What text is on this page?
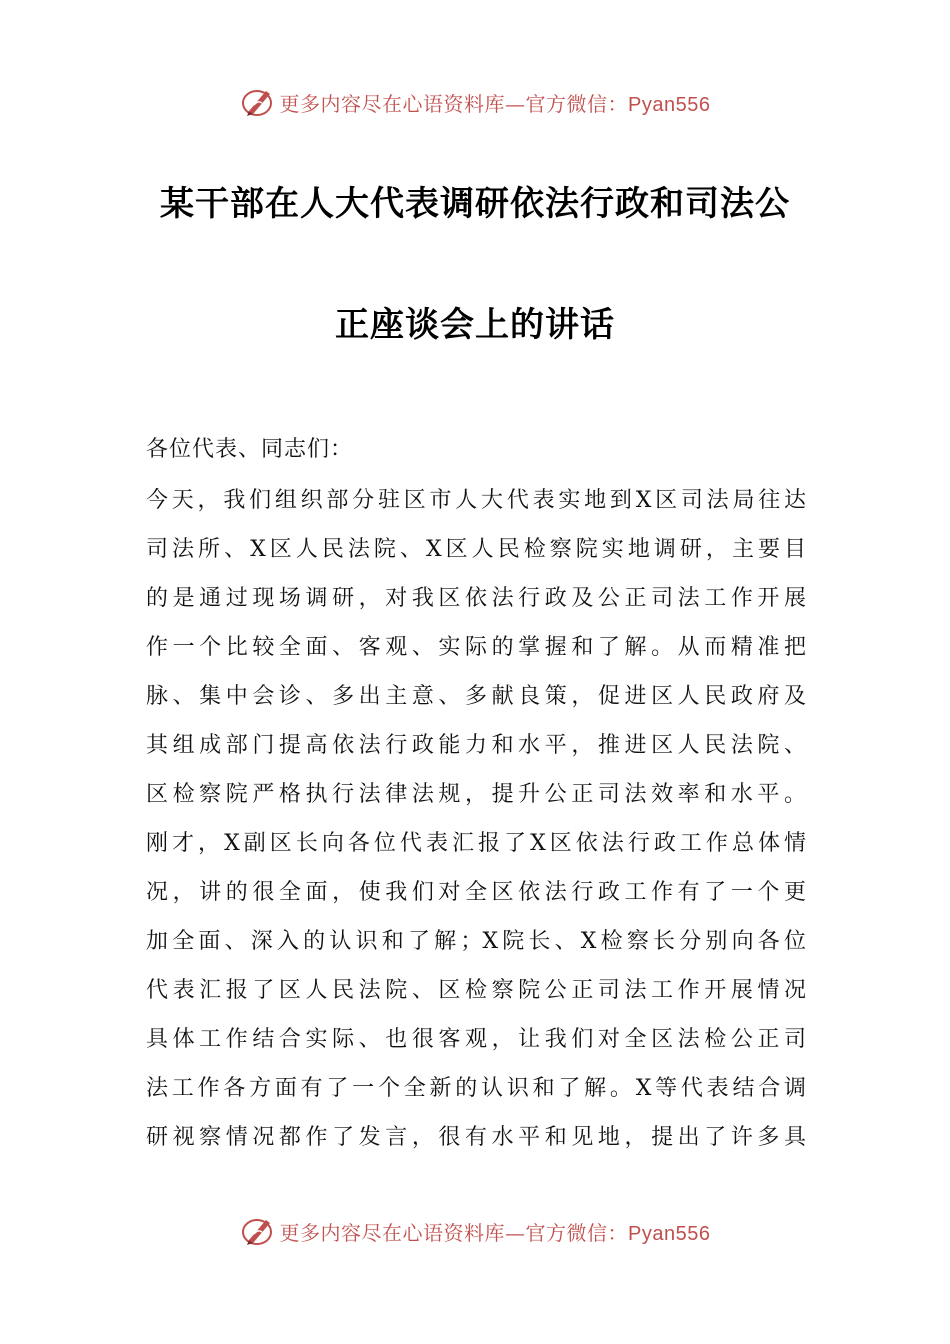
更多内容尽在心语资料库—官方微信：Pyan556
某干部在人大代表调研依法行政和司法公
正座谈会上的讲话
各位代表、同志们：
今天，我们组织部分驻区市人大代表实地到X区司法局往达
司法所、X区人民法院、X区人民检察院实地调研，主要目
的是通过现场调研，对我区依法行政及公正司法工作开展
作一个比较全面、客观、实际的掌握和了解。从而精准把
脉、集中会诊、多出主意、多献良策，促进区人民政府及
其组成部门提高依法行政能力和水平，推进区人民法院、
区检察院严格执行法律法规，提升公正司法效率和水平。
刚才，X副区长向各位代表汇报了X区依法行政工作总体情
况，讲的很全面，使我们对全区依法行政工作有了一个更
加全面、深入的认识和了解；X院长、X检察长分别向各位
代表汇报了区人民法院、区检察院公正司法工作开展情况
具体工作结合实际、也很客观，让我们对全区法检公正司
法工作各方面有了一个全新的认识和了解。X等代表结合调
研视察情况都作了发言，很有水平和见地，提出了许多具
更多内容尽在心语资料库—官方微信：Pyan556
